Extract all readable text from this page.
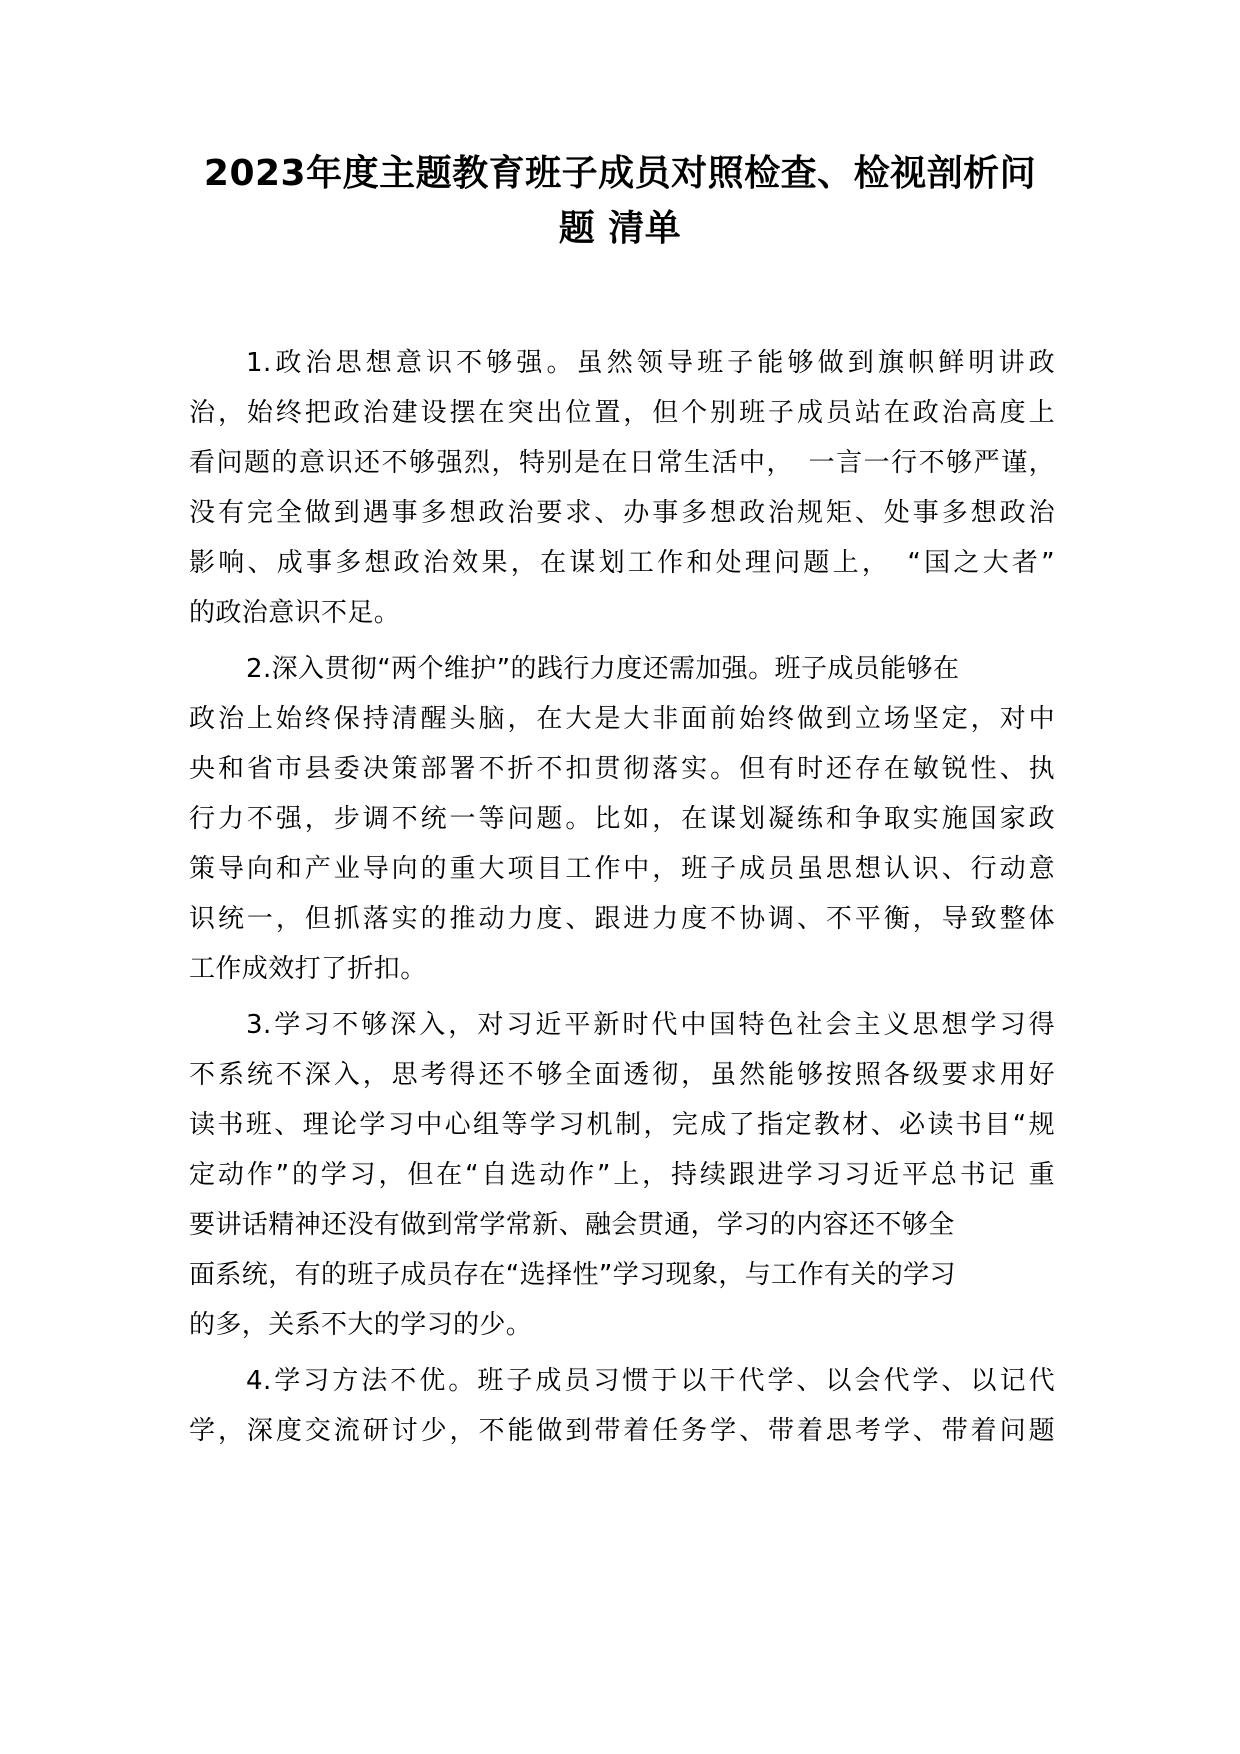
2023年度主题教育班子成员对照检查、检视剖析问
题 清单
1.政治思想意识不够强。虽然领导班子能够做到旗帜鲜明讲政
治，始终把政治建设摆在突出位置，但个别班子成员站在政治高度上
看问题的意识还不够强烈，特别是在日常生活中，　一言一行不够严谨，
没有完全做到遇事多想政治要求、办事多想政治规矩、处事多想政治
影响、成事多想政治效果，在谋划工作和处理问题上，　“国之大者”
的政治意识不足。
2.深入贯彻“两个维护”的践行力度还需加强。班子成员能够在
政治上始终保持清醒头脑，在大是大非面前始终做到立场坚定，对中
央和省市县委决策部署不折不扣贯彻落实。但有时还存在敏锐性、执
行力不强，步调不统一等问题。比如，在谋划凝练和争取实施国家政
策导向和产业导向的重大项目工作中，班子成员虽思想认识、行动意
识统一，但抓落实的推动力度、跟进力度不协调、不平衡，导致整体
工作成效打了折扣。
3.学习不够深入，对习近平新时代中国特色社会主义思想学习得
不系统不深入，思考得还不够全面透彻，虽然能够按照各级要求用好
读书班、理论学习中心组等学习机制，完成了指定教材、必读书目“规
定动作”的学习，但在“自选动作”上，持续跟进学习习近平总书记 重
要讲话精神还没有做到常学常新、融会贯通，学习的内容还不够全
面系统，有的班子成员存在“选择性”学习现象，与工作有关的学习
的多，关系不大的学习的少。
4.学习方法不优。班子成员习惯于以干代学、以会代学、以记代
学，深度交流研讨少，不能做到带着任务学、带着思考学、带着问题
